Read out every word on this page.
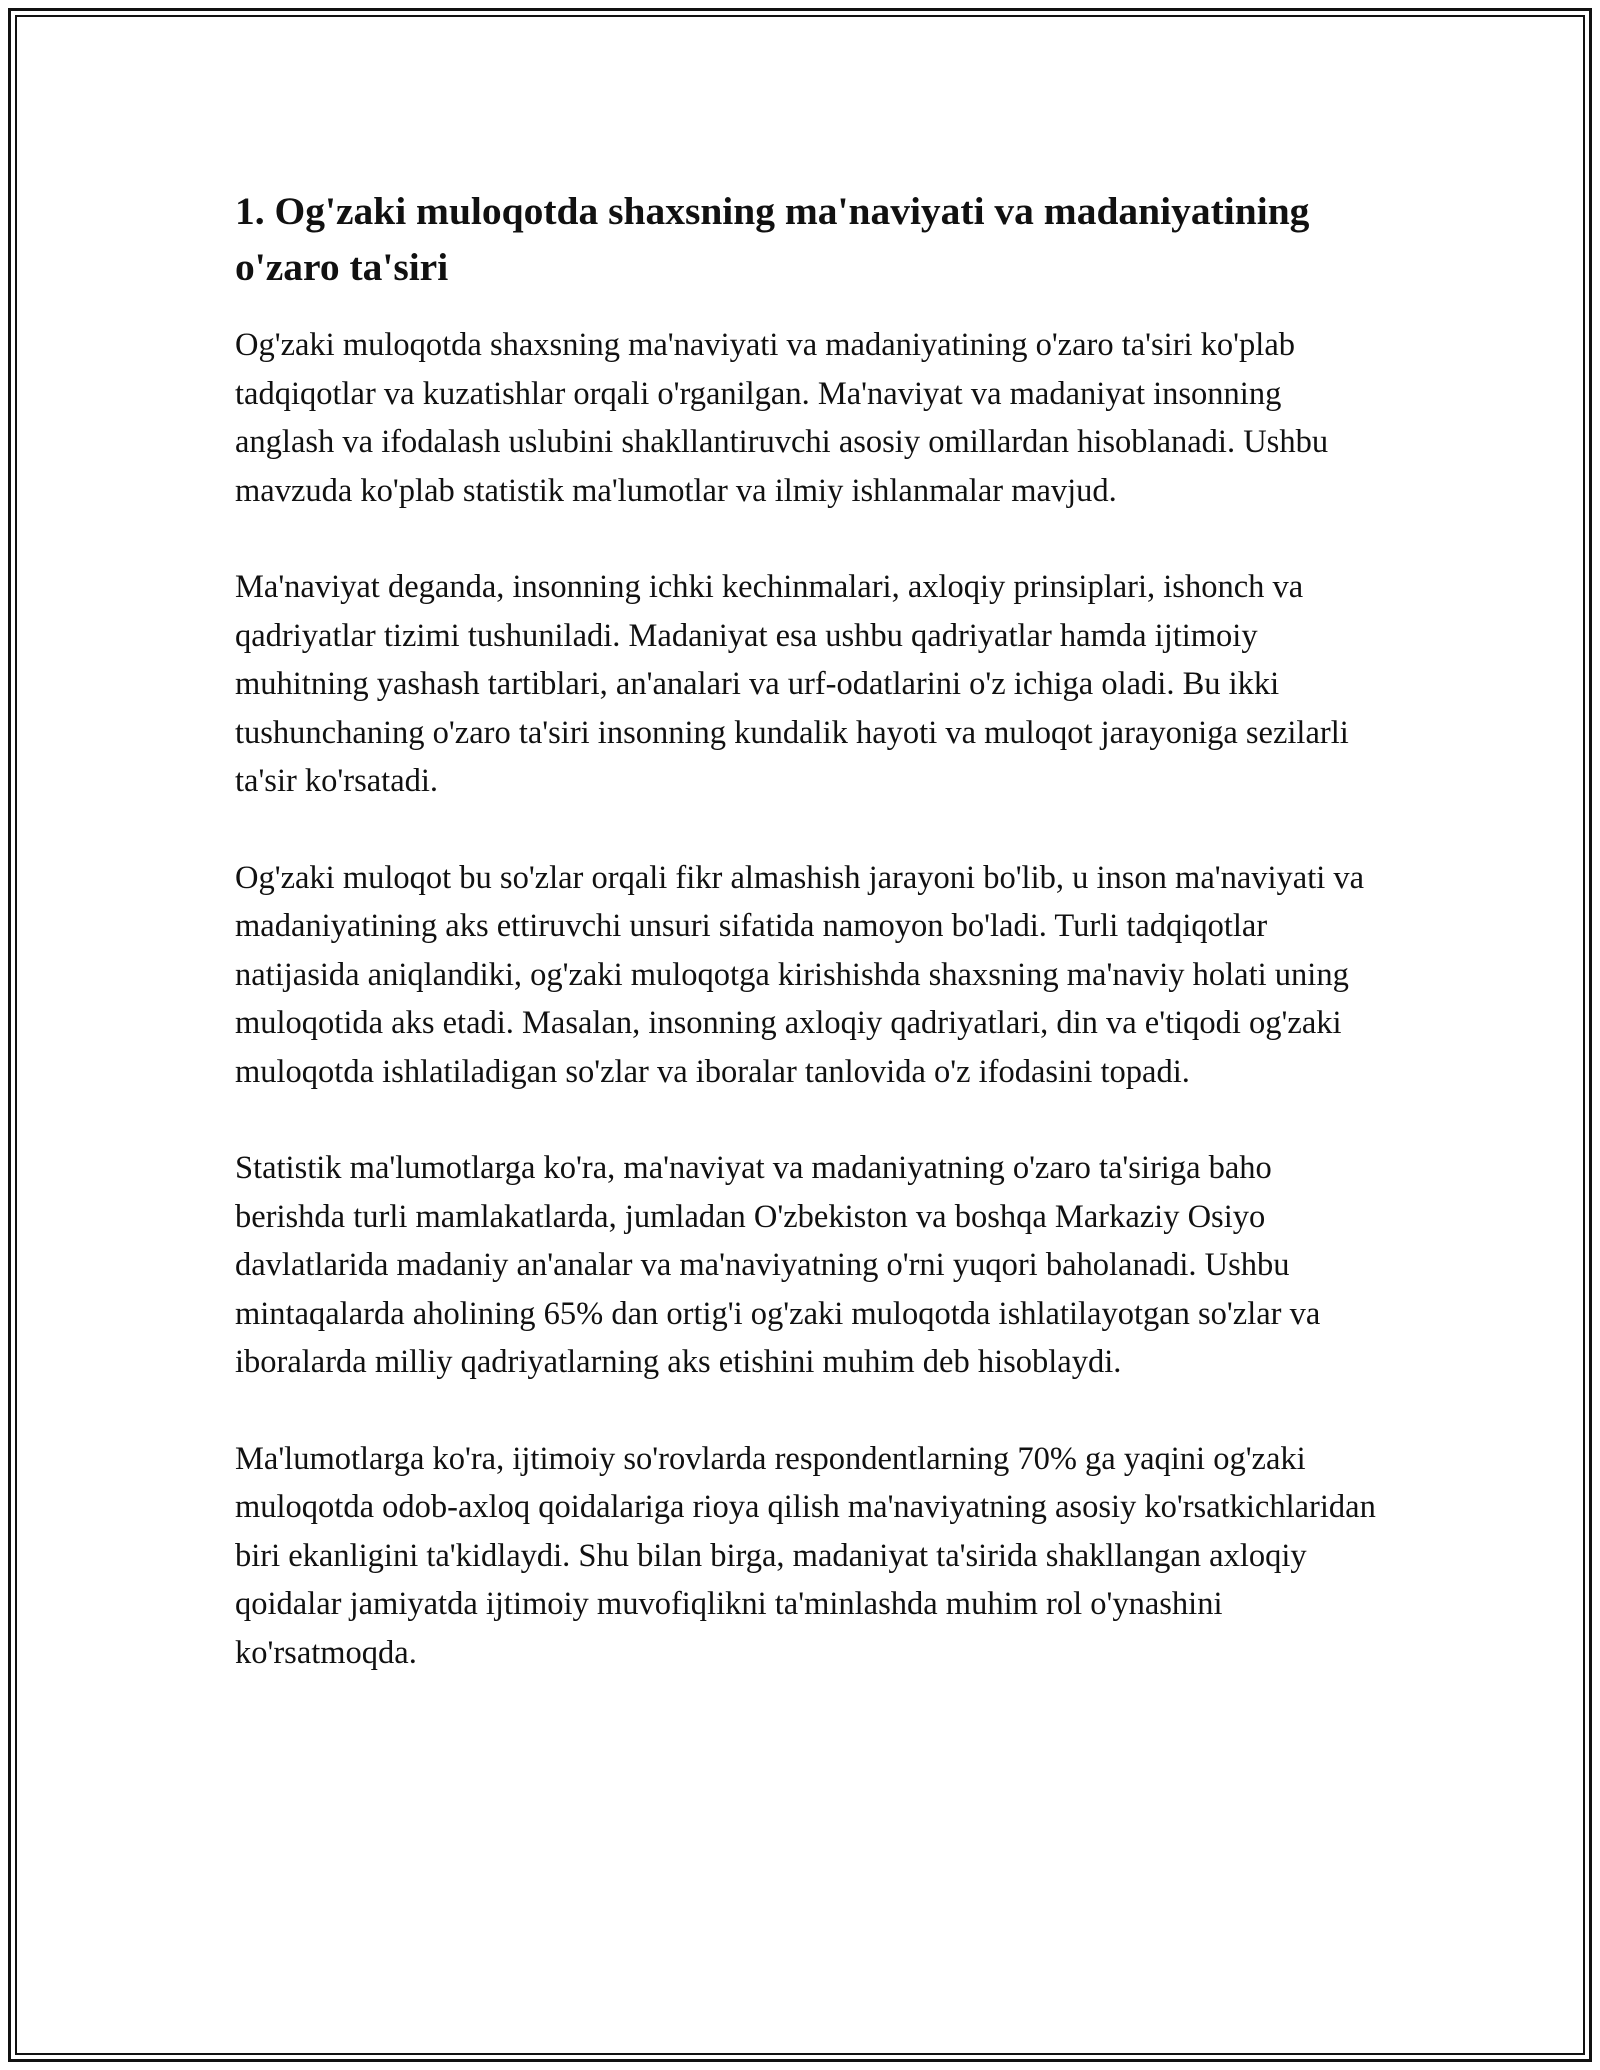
1. Og'zaki muloqotda shaxsning ma'naviyati va madaniyatining o'zaro ta'siri

Og'zaki muloqotda shaxsning ma'naviyati va madaniyatining o'zaro ta'siri ko'plab tadqiqotlar va kuzatishlar orqali o'rganilgan. Ma'naviyat va madaniyat insonning anglash va ifodalash uslubini shakllantiruvchi asosiy omillardan hisoblanadi. Ushbu mavzuda ko'plab statistik ma'lumotlar va ilmiy ishlanmalar mavjud.

Ma'naviyat deganda, insonning ichki kechinmalari, axloqiy prinsiplari, ishonch va qadriyatlar tizimi tushuniladi. Madaniyat esa ushbu qadriyatlar hamda ijtimoiy muhitning yashash tartiblari, an'analari va urf-odatlarini o'z ichiga oladi. Bu ikki tushunchaning o'zaro ta'siri insonning kundalik hayoti va muloqot jarayoniga sezilarli ta'sir ko'rsatadi.

Og'zaki muloqot bu so'zlar orqali fikr almashish jarayoni bo'lib, u inson ma'naviyati va madaniyatining aks ettiruvchi unsuri sifatida namoyon bo'ladi. Turli tadqiqotlar natijasida aniqlandiki, og'zaki muloqotga kirishishda shaxsning ma'naviy holati uning muloqotida aks etadi. Masalan, insonning axloqiy qadriyatlari, din va e'tiqodi og'zaki muloqotda ishlatiladigan so'zlar va iboralar tanlovida o'z ifodasini topadi.

Statistik ma'lumotlarga ko'ra, ma'naviyat va madaniyatning o'zaro ta'siriga baho berishda turli mamlakatlarda, jumladan O'zbekiston va boshqa Markaziy Osiyo davlatlarida madaniy an'analar va ma'naviyatning o'rni yuqori baholanadi. Ushbu mintaqalarda aholining 65% dan ortig'i og'zaki muloqotda ishlatilayotgan so'zlar va iboralarda milliy qadriyatlarning aks etishini muhim deb hisoblaydi.

Ma'lumotlarga ko'ra, ijtimoiy so'rovlarda respondentlarning 70% ga yaqini og'zaki muloqotda odob-axloq qoidalariga rioya qilish ma'naviyatning asosiy ko'rsatkichlaridan biri ekanligini ta'kidlaydi. Shu bilan birga, madaniyat ta'sirida shakllangan axloqiy qoidalar jamiyatda ijtimoiy muvofiqlikni ta'minlashda muhim rol o'ynashini ko'rsatmoqda.
